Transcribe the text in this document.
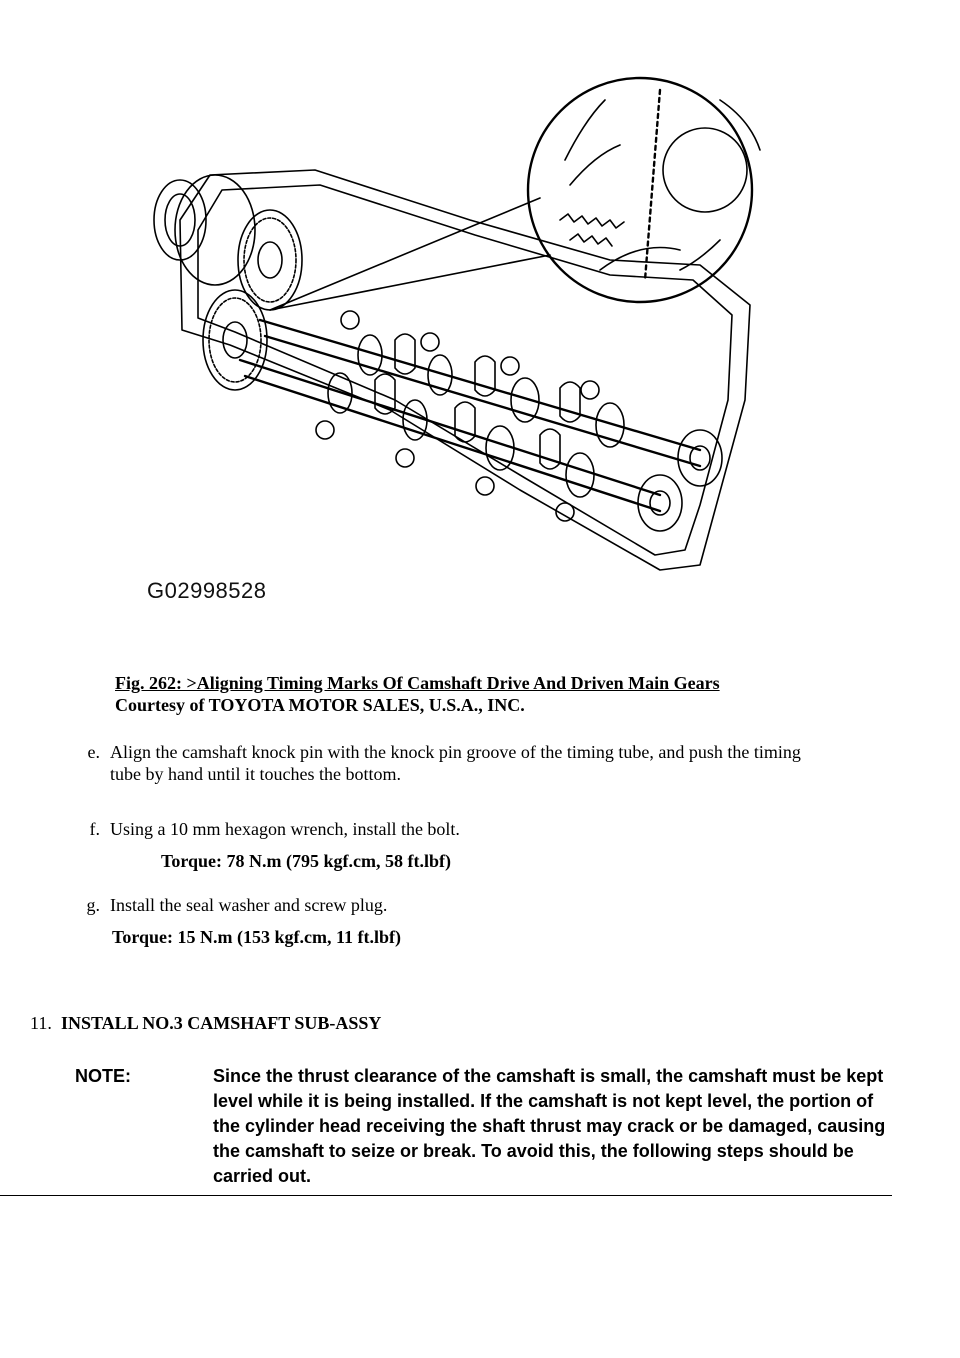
G02998528
Fig. 262: >Aligning Timing Marks Of Camshaft Drive And Driven Main Gears
Courtesy of TOYOTA MOTOR SALES, U.S.A., INC.
e. Align the camshaft knock pin with the knock pin groove of the timing tube, and push the timing tube by hand until it touches the bottom.
f. Using a 10 mm hexagon wrench, install the bolt.
Torque: 78 N.m (795 kgf.cm, 58 ft.lbf)
g. Install the seal washer and screw plug.
Torque: 15 N.m (153 kgf.cm, 11 ft.lbf)
11. INSTALL NO.3 CAMSHAFT SUB-ASSY
NOTE:	Since the thrust clearance of the camshaft is small, the camshaft must be kept level while it is being installed. If the camshaft is not kept level, the portion of the cylinder head receiving the shaft thrust may crack or be damaged, causing the camshaft to seize or break. To avoid this, the following steps should be carried out.
